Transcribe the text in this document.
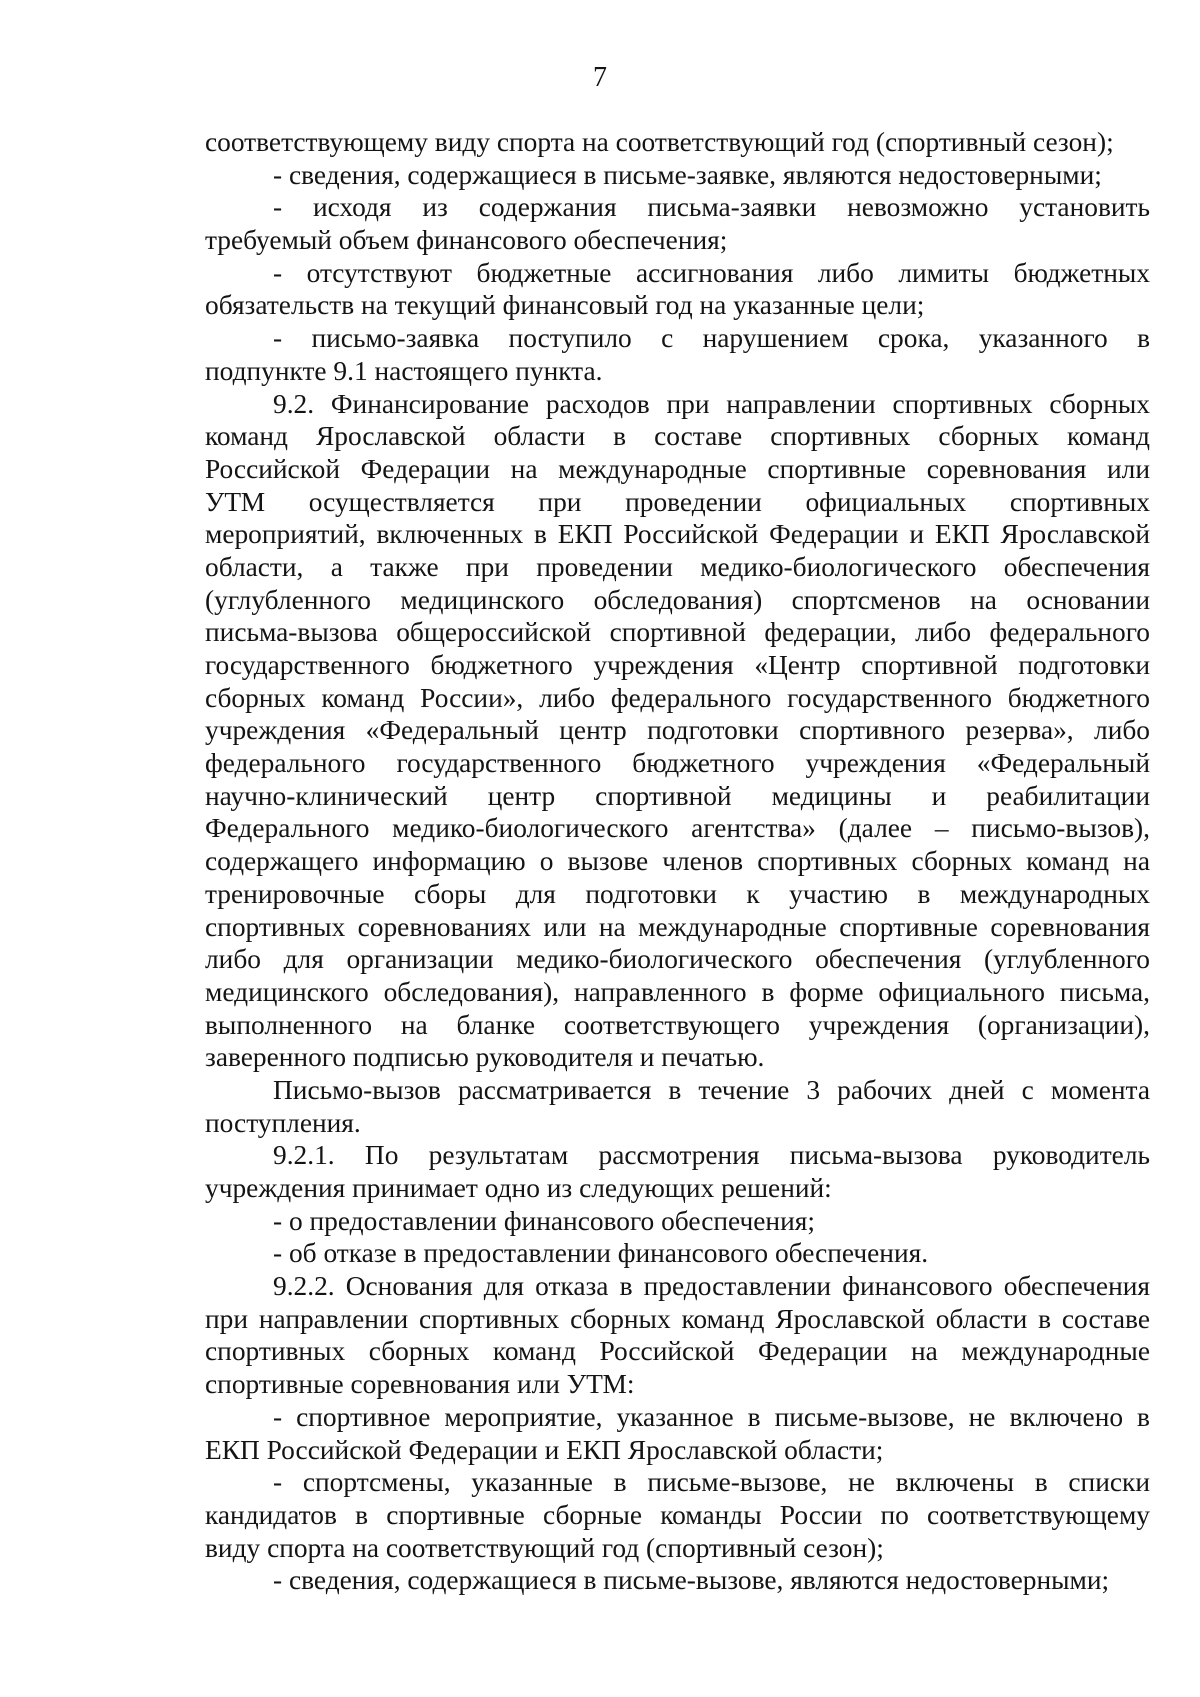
7
соответствующему виду спорта на соответствующий год (спортивный сезон);
- сведения, содержащиеся в письме-заявке, являются недостоверными;
- исходя из содержания письма-заявки невозможно установить
требуемый объем финансового обеспечения;
- отсутствуют бюджетные ассигнования либо лимиты бюджетных
обязательств на текущий финансовый год на указанные цели;
- письмо-заявка поступило с нарушением срока, указанного в
подпункте 9.1 настоящего пункта.
9.2. Финансирование расходов при направлении спортивных сборных
команд Ярославской области в составе спортивных сборных команд
Российской Федерации на международные спортивные соревнования или
УТМ осуществляется при проведении официальных спортивных
мероприятий, включенных в ЕКП Российской Федерации и ЕКП Ярославской
области, а также при проведении медико-биологического обеспечения
(углубленного медицинского обследования) спортсменов на основании
письма-вызова общероссийской спортивной федерации, либо федерального
государственного бюджетного учреждения «Центр спортивной подготовки
сборных команд России», либо федерального государственного бюджетного
учреждения «Федеральный центр подготовки спортивного резерва», либо
федерального государственного бюджетного учреждения «Федеральный
научно-клинический центр спортивной медицины и реабилитации
Федерального медико-биологического агентства» (далее – письмо-вызов),
содержащего информацию о вызове членов спортивных сборных команд на
тренировочные сборы для подготовки к участию в международных
спортивных соревнованиях или на международные спортивные соревнования
либо для организации медико-биологического обеспечения (углубленного
медицинского обследования), направленного в форме официального письма,
выполненного на бланке соответствующего учреждения (организации),
заверенного подписью руководителя и печатью.
Письмо-вызов рассматривается в течение 3 рабочих дней с момента
поступления.
9.2.1. По результатам рассмотрения письма-вызова руководитель
учреждения принимает одно из следующих решений:
- о предоставлении финансового обеспечения;
- об отказе в предоставлении финансового обеспечения.
9.2.2. Основания для отказа в предоставлении финансового обеспечения
при направлении спортивных сборных команд Ярославской области в составе
спортивных сборных команд Российской Федерации на международные
спортивные соревнования или УТМ:
- спортивное мероприятие, указанное в письме-вызове, не включено в
ЕКП Российской Федерации и ЕКП Ярославской области;
- спортсмены, указанные в письме-вызове, не включены в списки
кандидатов в спортивные сборные команды России по соответствующему
виду спорта на соответствующий год (спортивный сезон);
- сведения, содержащиеся в письме-вызове, являются недостоверными;
